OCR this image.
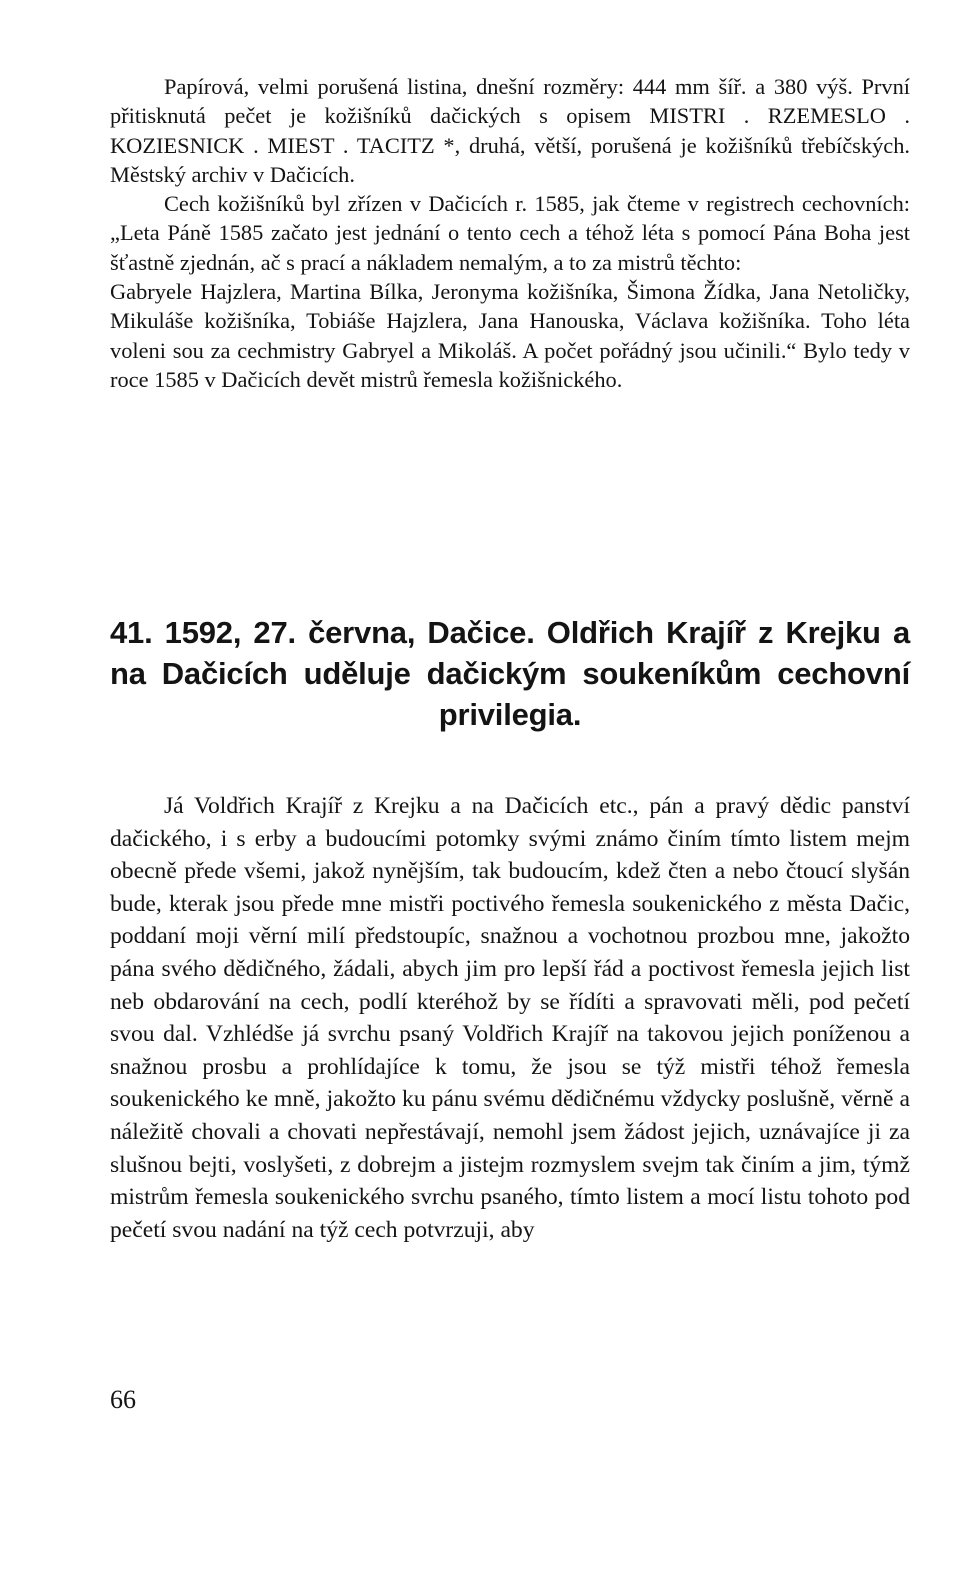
Papírová, velmi porušená listina, dnešní rozměry: 444 mm šíř. a 380 výš. První přitisknutá pečet je kožišníků dačických s opisem MISTRI . RZEMESLO . KOZIESNICK . MIEST . TACITZ *, druhá, větší, porušená je kožišníků třebíčských. Městský archiv v Dačicích.

Cech kožišníků byl zřízen v Dačicích r. 1585, jak čteme v registrech cechovních: „Leta Páně 1585 začato jest jednání o tento cech a téhož léta s pomocí Pána Boha jest šťastně zjednán, ač s prací a nákladem nemalým, a to za mistrů těchto:

Gabryele Hajzlera, Martina Bílka, Jeronyma kožišníka, Šimona Žídka, Jana Netoličky, Mikuláše kožišníka, Tobiáše Hajzlera, Jana Hanouska, Václava kožišníka. Toho léta voleni sou za cechmistry Gabryel a Mikoláš. A počet pořádný jsou učinili.“ Bylo tedy v roce 1585 v Dačicích devět mistrů řemesla kožišnického.

41. 1592, 27. června, Dačice. Oldřich Krajíř z Krejku a na Dačicích uděluje dačickým soukeníkům cechovní privilegia.

Já Voldřich Krajíř z Krejku a na Dačicích etc., pán a pravý dědic panství dačického, i s erby a budoucími potomky svými známo činím tímto listem mejm obecně přede všemi, jakož nynějším, tak budoucím, kdež čten a nebo čtoucí slyšán bude, kterak jsou přede mne mistři poctivého řemesla soukenického z města Dačic, poddaní moji věrní milí předstoupíc, snažnou a vochotnou prozbou mne, jakožto pána svého dědičného, žádali, abych jim pro lepší řád a poctivost řemesla jejich list neb obdarování na cech, podlí kteréhož by se řídíti a spravovati měli, pod pečetí svou dal. Vzhlédše já svrchu psaný Voldřich Krajíř na takovou jejich poníženou a snažnou prosbu a prohlídajíce k tomu, že jsou se týž mistři téhož řemesla soukenického ke mně, jakožto ku pánu svému dědičnému vždycky poslušně, věrně a náležitě chovali a chovati nepřestávají, nemohl jsem žádost jejich, uznávajíce ji za slušnou bejti, voslyšeti, z dobrejm a jistejm rozmyslem svejm tak činím a jim, týmž mistrům řemesla soukenického svrchu psaného, tímto listem a mocí listu tohoto pod pečetí svou nadání na týž cech potvrzuji, aby

66
